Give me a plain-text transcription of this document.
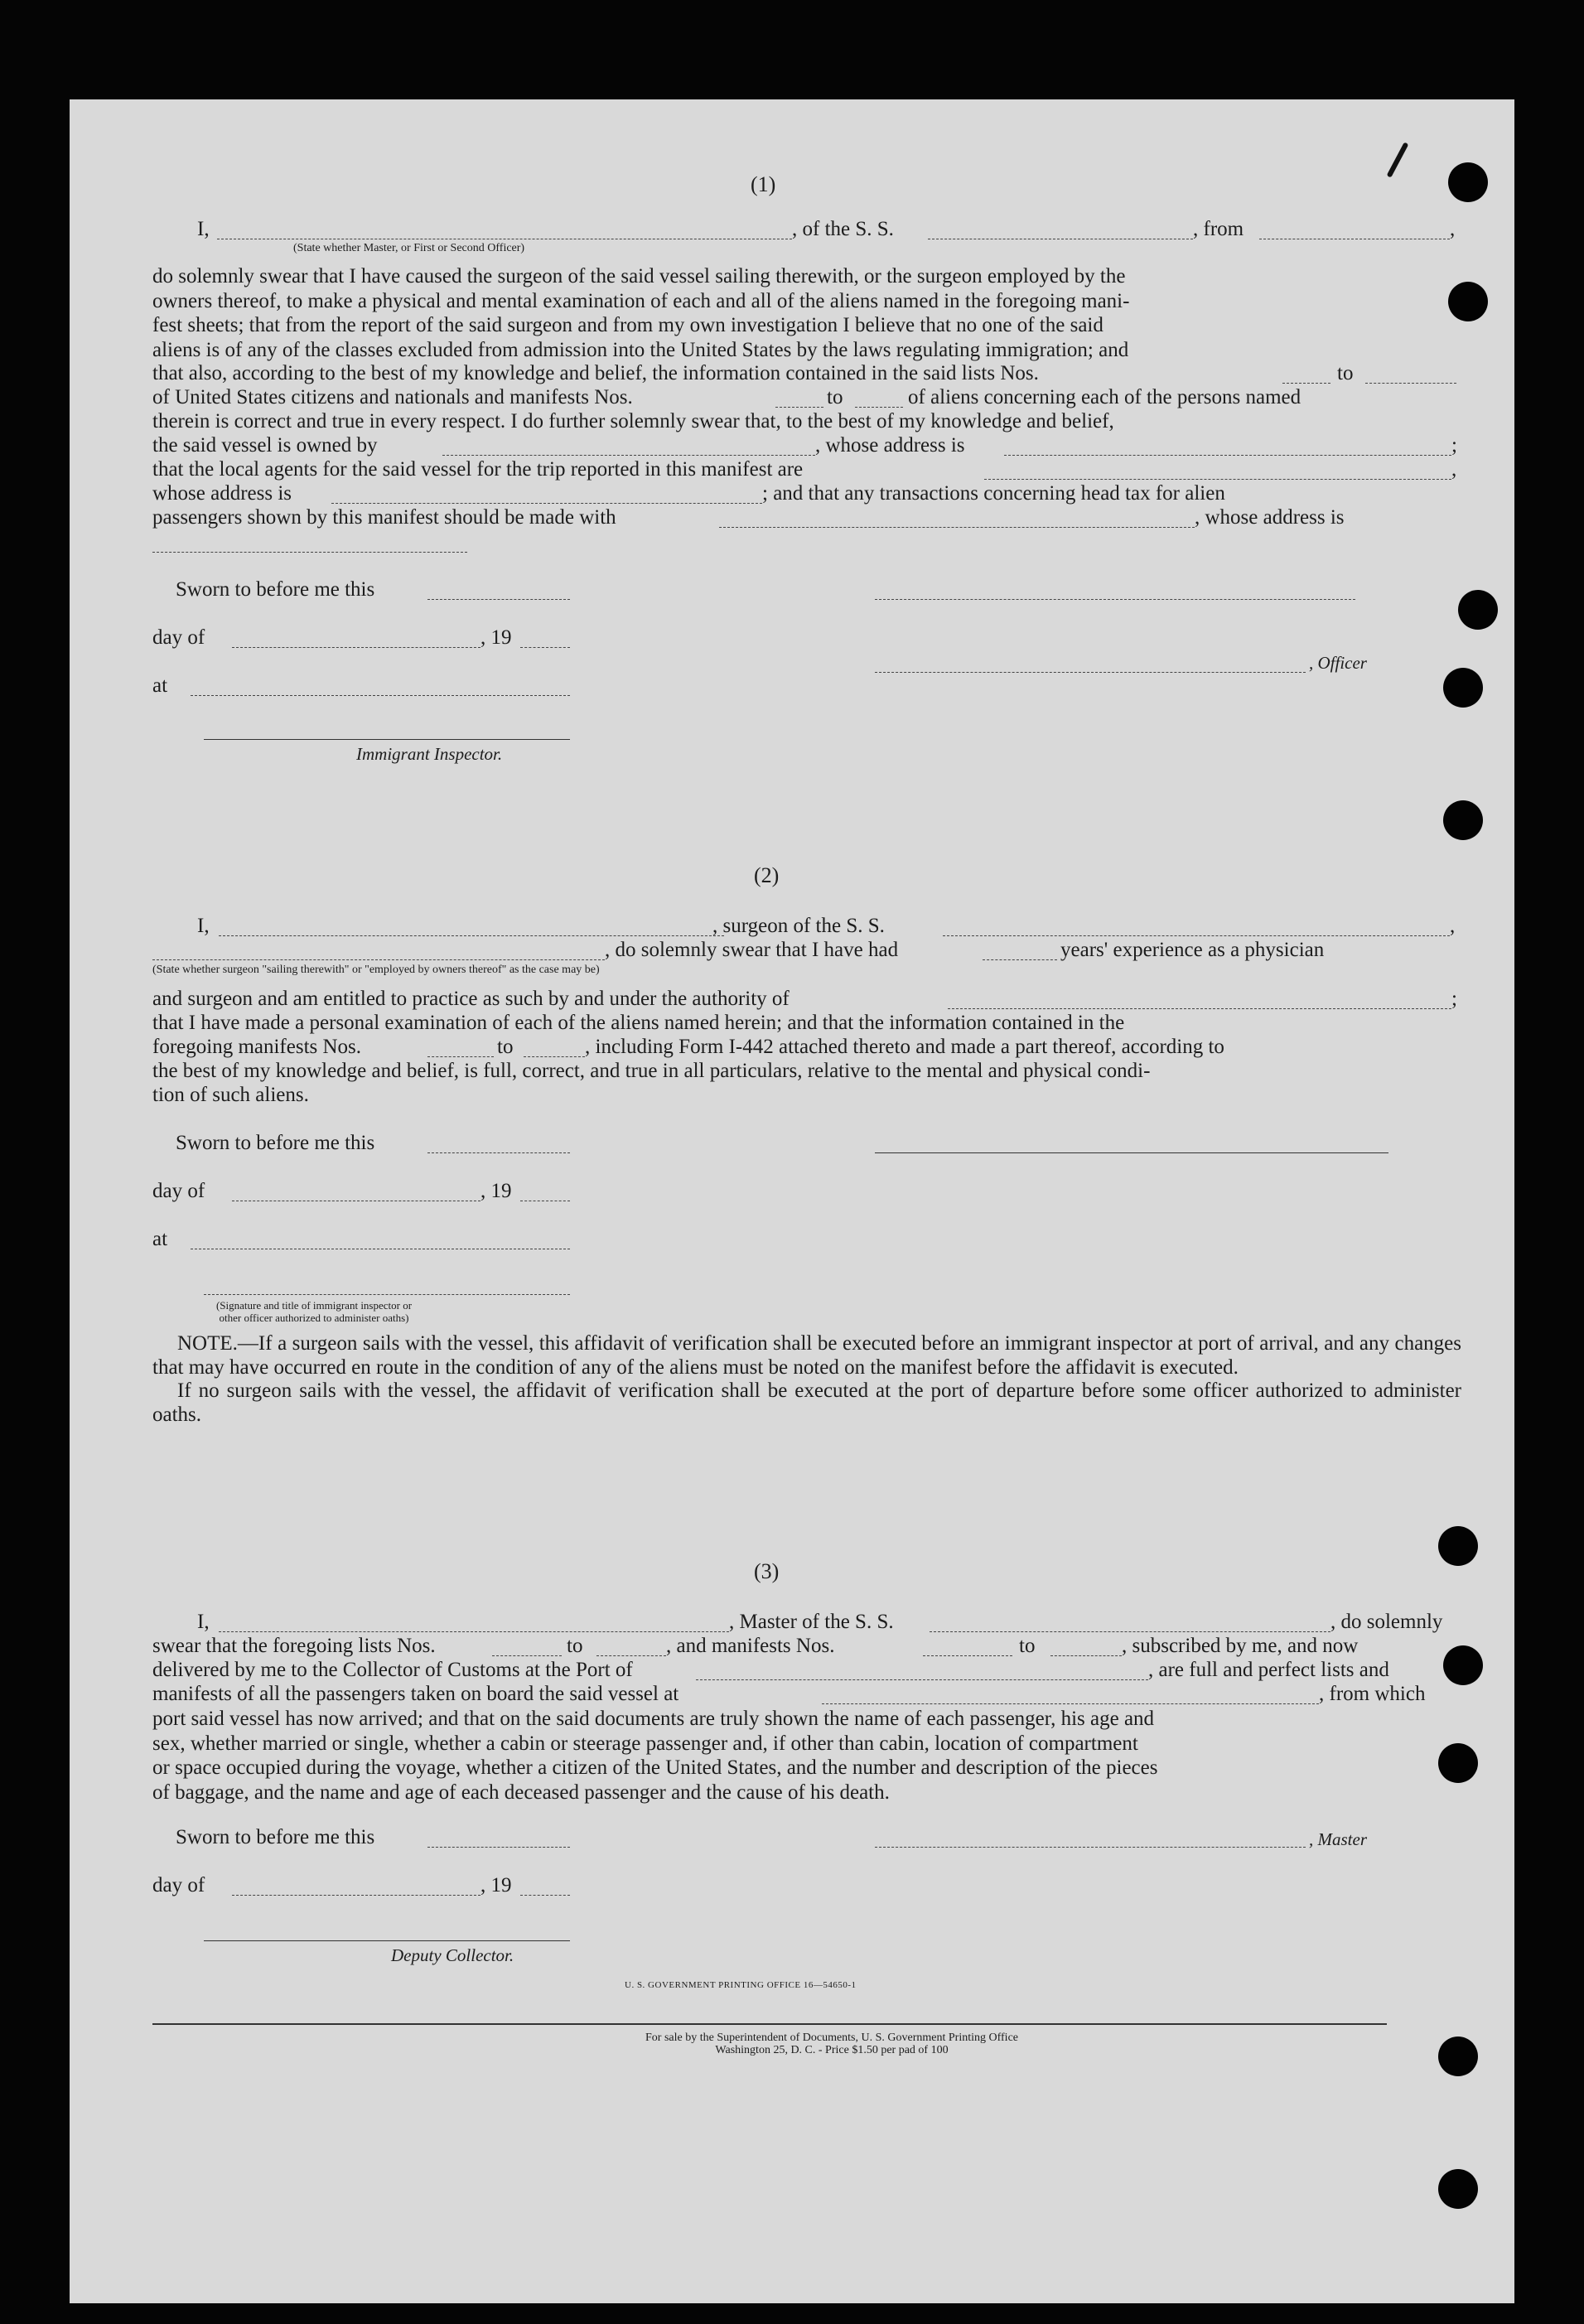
(1)
I,	, of the S. S.	, from	,
(State whether Master, or First or Second Officer)

do solemnly swear that I have caused the surgeon of the said vessel sailing therewith, or the surgeon employed by the

owners thereof, to make a physical and mental examination of each and all of the aliens named in the foregoing mani-

fest sheets; that from the report of the said surgeon and from my own investigation I believe that no one of the said

aliens is of any of the classes excluded from admission into the United States by the laws regulating immigration; and

that also, according to the best of my knowledge and belief, the information contained in the said lists Nos.	to
of United States citizens and nationals and manifests Nos.	to	of aliens concerning each of the persons named
therein is correct and true in every respect. I do further solemnly swear that, to the best of my knowledge and belief,
the said vessel is owned by	, whose address is	;
that the local agents for the said vessel for the trip reported in this manifest are	,
whose address is	; and that any transactions concerning head tax for alien
passengers shown by this manifest should be made with	, whose address is
Sworn to before me this
day of	, 19
, Officer
at
Immigrant Inspector.
(2)
I,	, surgeon of the S. S.	,
, do solemnly swear that I have had	years' experience as a physician
(State whether surgeon "sailing therewith" or "employed by owners thereof" as the case may be)
and surgeon and am entitled to practice as such by and under the authority of	;
that I have made a personal examination of each of the aliens named herein; and that the information contained in the
foregoing manifests Nos.	to	, including Form I-442 attached thereto and made a part thereof, according to
the best of my knowledge and belief, is full, correct, and true in all particulars, relative to the mental and physical condi-
tion of such aliens.
Sworn to before me this
day of	, 19
at
(Signature and title of immigrant inspector or other officer authorized to administer oaths)

NOTE.—If a surgeon sails with the vessel, this affidavit of verification shall be executed before an immigrant inspector at port of arrival, and any changes that may have occurred en route in the condition of any of the aliens must be noted on the manifest before the affidavit is executed.

If no surgeon sails with the vessel, the affidavit of verification shall be executed at the port of departure before some officer authorized to administer oaths.

(3)
I,	, Master of the S. S.	, do solemnly
swear that the foregoing lists Nos.	to	, and manifests Nos.	to	, subscribed by me, and now
delivered by me to the Collector of Customs at the Port of	, are full and perfect lists and
manifests of all the passengers taken on board the said vessel at	, from which

port said vessel has now arrived; and that on the said documents are truly shown the name of each passenger, his age and

sex, whether married or single, whether a cabin or steerage passenger and, if other than cabin, location of compartment

or space occupied during the voyage, whether a citizen of the United States, and the number and description of the pieces

of baggage, and the name and age of each deceased passenger and the cause of his death.

Sworn to before me this	, Master
day of	, 19
Deputy Collector.
U. S. GOVERNMENT PRINTING OFFICE 16—54650-1
For sale by the Superintendent of Documents, U. S. Government Printing Office
Washington 25, D. C. - Price $1.50 per pad of 100
